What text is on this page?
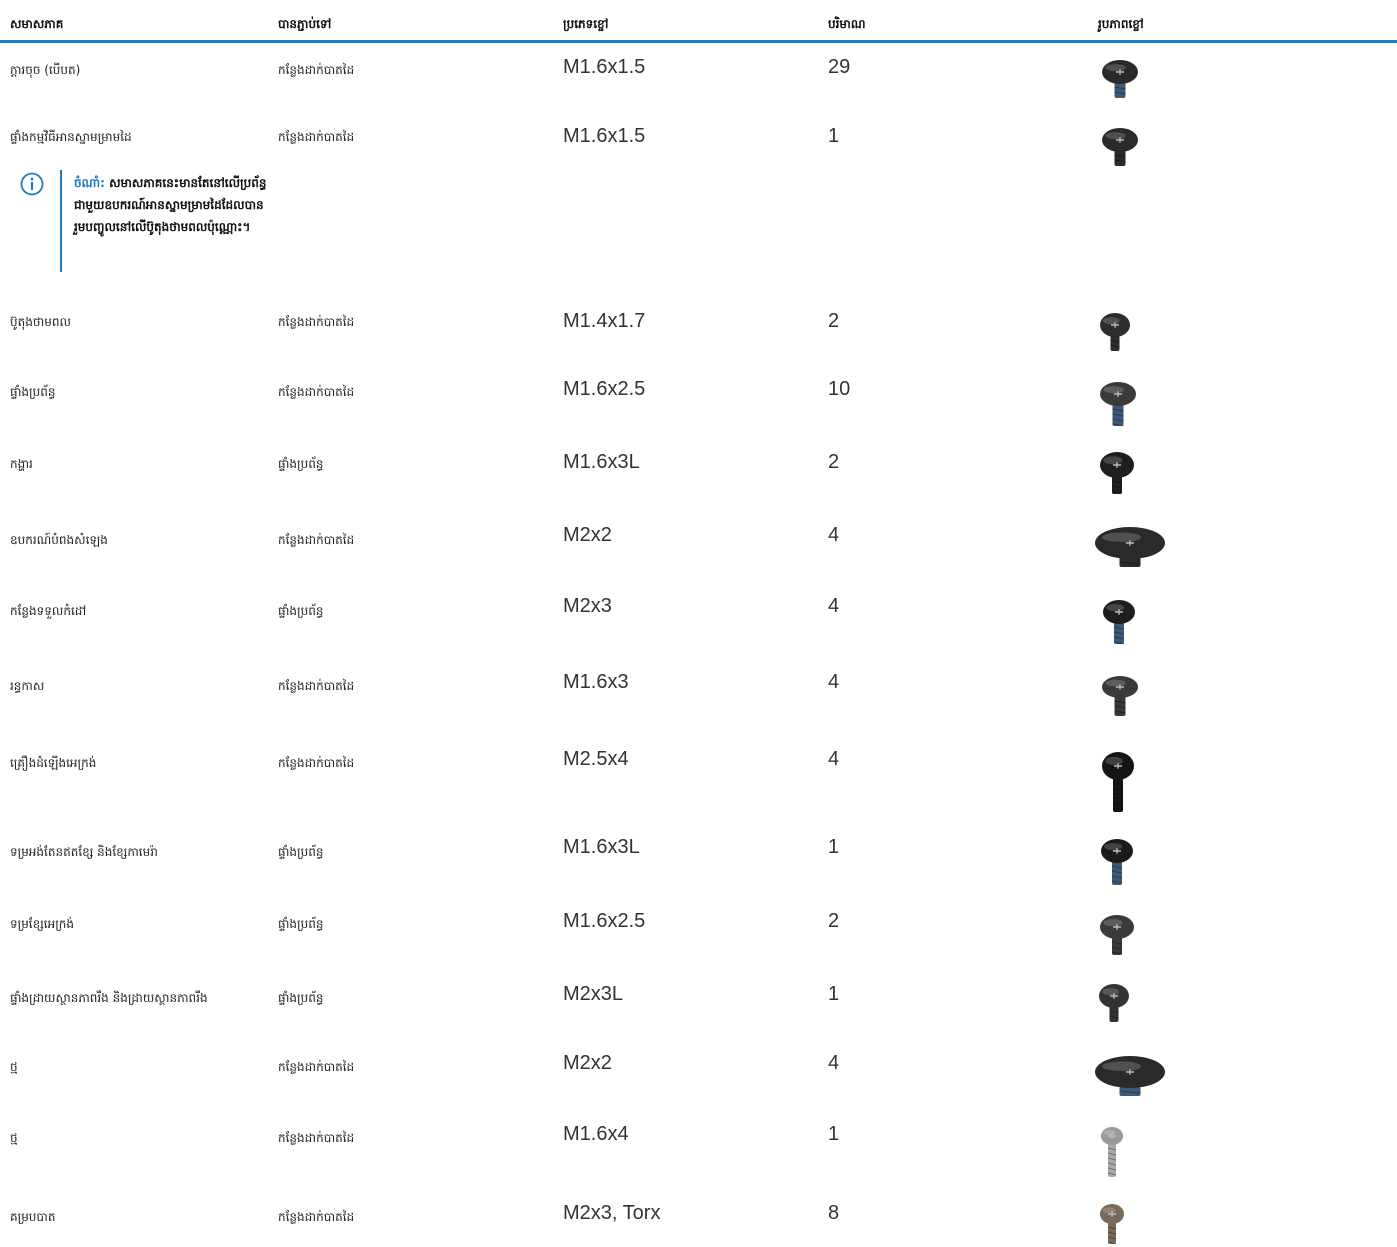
សមាសភាគ	បានភ្ជាប់ទៅ	ប្រភេទខ្ចៅ	បរិមាណ	រូបភាពខ្ចៅ
ក្តារចុច (បើបត)	កន្លែងដាក់បាតដៃ	M1.6x1.5	29
ផ្ទាំងកម្មវិធីអានស្នាមម្រាមដៃ	កន្លែងដាក់បាតដៃ	M1.6x1.5	1
ប៊ូតុងថាមពល	កន្លែងដាក់បាតដៃ	M1.4x1.7	2
ផ្ទាំងប្រព័ន្ធ	កន្លែងដាក់បាតដៃ	M1.6x2.5	10
កង្ហារ	ផ្ទាំងប្រព័ន្ធ	M1.6x3L	2
ឧបករណ៍បំពងសំឡេង	កន្លែងដាក់បាតដៃ	M2x2	4
កន្លែងទទួលកំដៅ	ផ្ទាំងប្រព័ន្ធ	M2x3	4
រន្ធកាស	កន្លែងដាក់បាតដៃ	M1.6x3	4
គ្រឿងដំឡើងអេក្រង់	កន្លែងដាក់បាតដៃ	M2.5x4	4
ទម្រអង់តែនឥតខ្សែ និងខ្សែកាមេរ៉ា	ផ្ទាំងប្រព័ន្ធ	M1.6x3L	1
ទម្រខ្សែអេក្រង់	ផ្ទាំងប្រព័ន្ធ	M1.6x2.5	2
ផ្ទាំងដ្រាយស្ថានភាពរឹង និងដ្រាយស្ថានភាពរឹង	ផ្ទាំងប្រព័ន្ធ	M2x3L	1
ថ្ម	កន្លែងដាក់បាតដៃ	M2x2	4
ថ្ម	កន្លែងដាក់បាតដៃ	M1.6x4	1
គម្របបាត	កន្លែងដាក់បាតដៃ	M2x3, Torx	8
ចំណាំ: សមាសភាគនេះមានតែនៅលើប្រព័ន្ធជាមួយឧបករណ៍អានស្នាមម្រាមដៃដែលបានរួមបញ្ចូលនៅលើប៊ូតុងថាមពលប៉ុណ្ណោះ។
